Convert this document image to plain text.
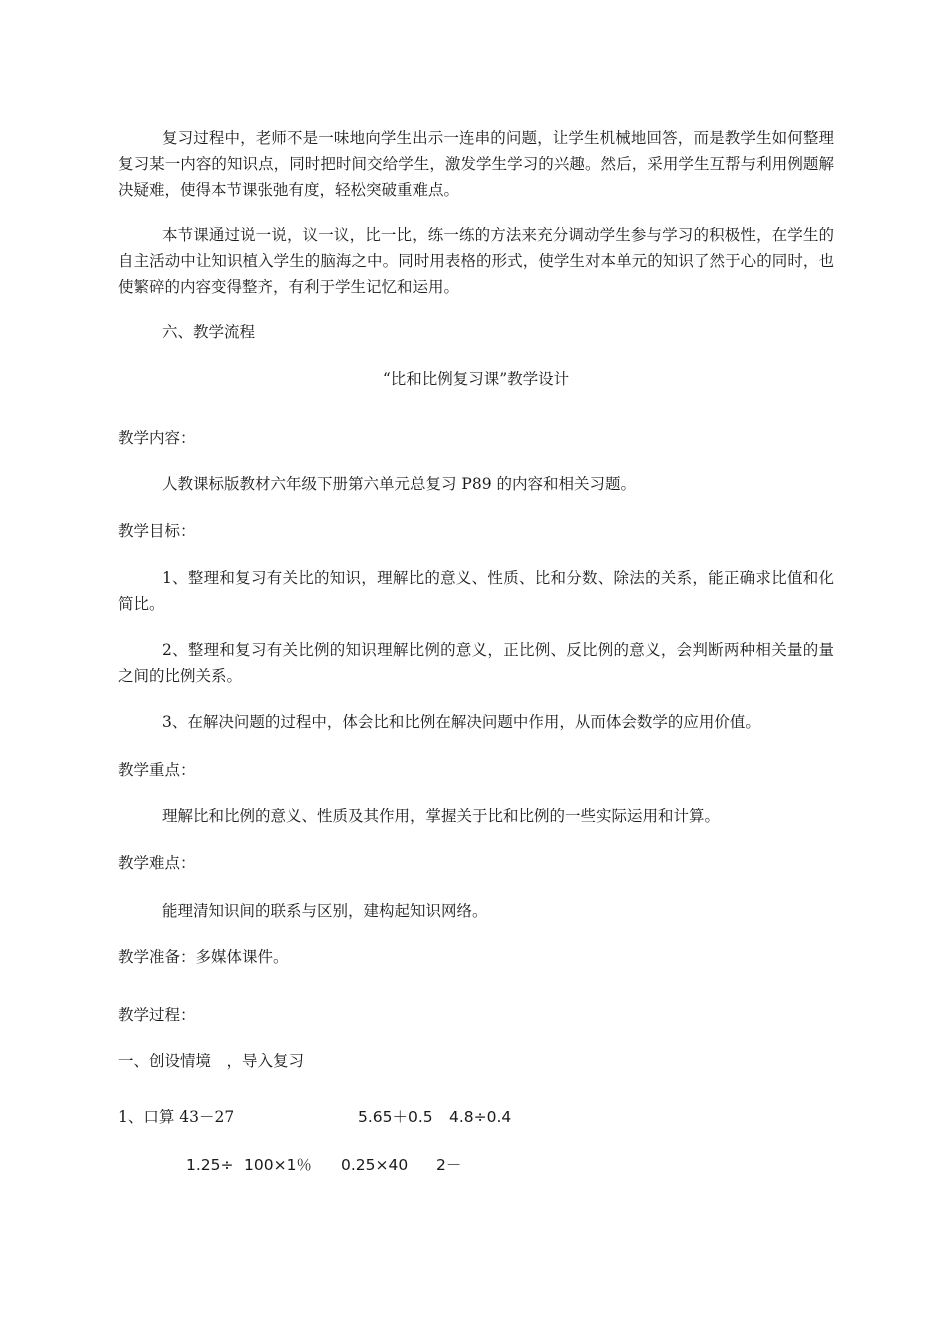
复习过程中，老师不是一味地向学生出示一连串的问题，让学生机械地回答，而是教学生如何整理复习某一内容的知识点，同时把时间交给学生，激发学生学习的兴趣。然后，采用学生互帮与利用例题解决疑难，使得本节课张弛有度，轻松突破重难点。

本节课通过说一说，议一议，比一比，练一练的方法来充分调动学生参与学习的积极性，在学生的自主活动中让知识植入学生的脑海之中。同时用表格的形式，使学生对本单元的知识了然于心的同时，也使繁碎的内容变得整齐，有利于学生记忆和运用。

六、教学流程

“比和比例复习课”教学设计

教学内容：

人教课标版教材六年级下册第六单元总复习 P89 的内容和相关习题。

教学目标：

1、整理和复习有关比的知识，理解比的意义、性质、比和分数、除法的关系，能正确求比值和化简比。

2、整理和复习有关比例的知识理解比例的意义，正比例、反比例的意义，会判断两种相关量的量之间的比例关系。

3、在解决问题的过程中，体会比和比例在解决问题中作用，从而体会数学的应用价值。

教学重点：

理解比和比例的意义、性质及其作用，掌握关于比和比例的一些实际运用和计算。

教学难点：

能理清知识间的联系与区别，建构起知识网络。

教学准备：多媒体课件。

教学过程：

一、创设情境　，导入复习

1、口算 43－27	5.65＋0.5 4.8÷0.4

1.25÷ 100×1％ 0.25×40 2－
